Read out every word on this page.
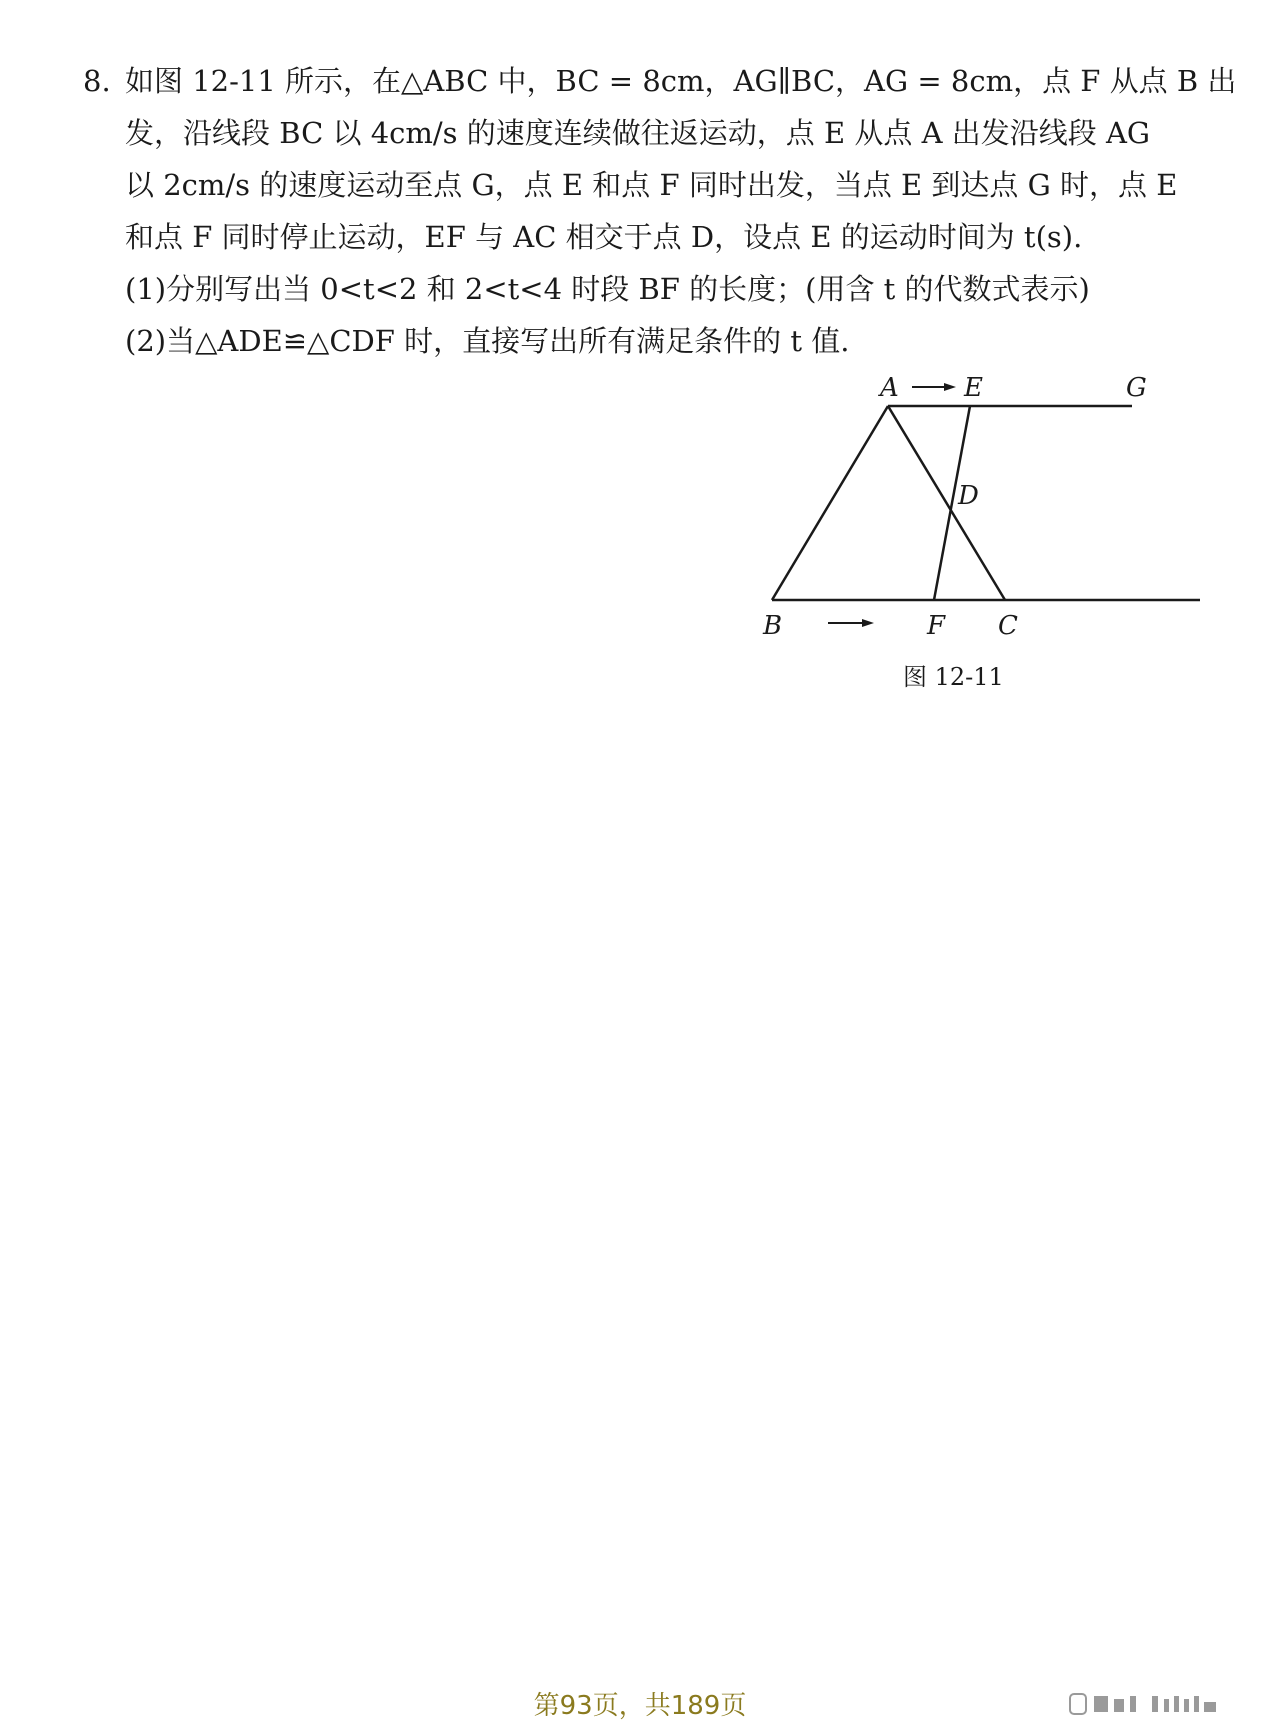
8. 如图 12-11 所示，在△ABC 中，BC = 8cm，AG∥BC，AG = 8cm，点 F 从点 B 出
发，沿线段 BC 以 4cm/s 的速度连续做往返运动，点 E 从点 A 出发沿线段 AG
以 2cm/s 的速度运动至点 G，点 E 和点 F 同时出发，当点 E 到达点 G 时，点 E
和点 F 同时停止运动，EF 与 AC 相交于点 D，设点 E 的运动时间为 t(s).
(1)分别写出当 0<t<2 和 2<t<4 时段 BF 的长度；(用含 t 的代数式表示)
(2)当△ADE≌△CDF 时，直接写出所有满足条件的 t 值.
A	E	G
D
B	F C
图 12-11
第93页，共189页
